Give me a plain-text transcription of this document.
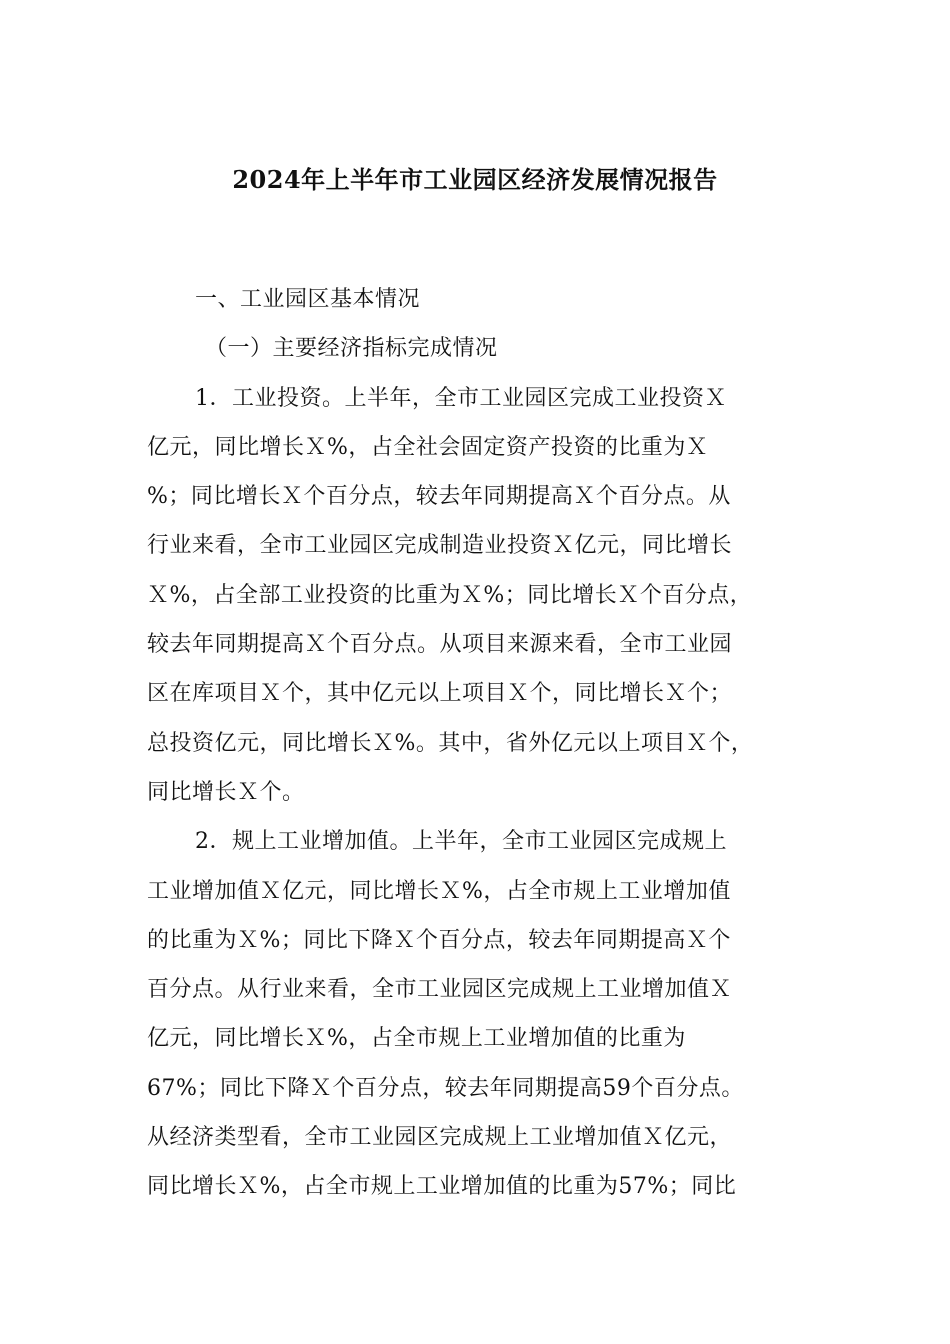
2024年上半年市工业园区经济发展情况报告
一、工业园区基本情况
（一）主要经济指标完成情况
1．工业投资。上半年，全市工业园区完成工业投资Ｘ
亿元，同比增长Ｘ%，占全社会固定资产投资的比重为Ｘ
%；同比增长Ｘ个百分点，较去年同期提高Ｘ个百分点。从
行业来看，全市工业园区完成制造业投资Ｘ亿元，同比增长
Ｘ%，占全部工业投资的比重为Ｘ%；同比增长Ｘ个百分点，
较去年同期提高Ｘ个百分点。从项目来源来看，全市工业园
区在库项目Ｘ个，其中亿元以上项目Ｘ个，同比增长Ｘ个；
总投资亿元，同比增长Ｘ%。其中，省外亿元以上项目Ｘ个，
同比增长Ｘ个。
2．规上工业增加值。上半年，全市工业园区完成规上
工业增加值Ｘ亿元，同比增长Ｘ%，占全市规上工业增加值
的比重为Ｘ%；同比下降Ｘ个百分点，较去年同期提高Ｘ个
百分点。从行业来看，全市工业园区完成规上工业增加值Ｘ
亿元，同比增长Ｘ%，占全市规上工业增加值的比重为
67%；同比下降Ｘ个百分点，较去年同期提高59个百分点。
从经济类型看，全市工业园区完成规上工业增加值Ｘ亿元，
同比增长Ｘ%，占全市规上工业增加值的比重为57%；同比
